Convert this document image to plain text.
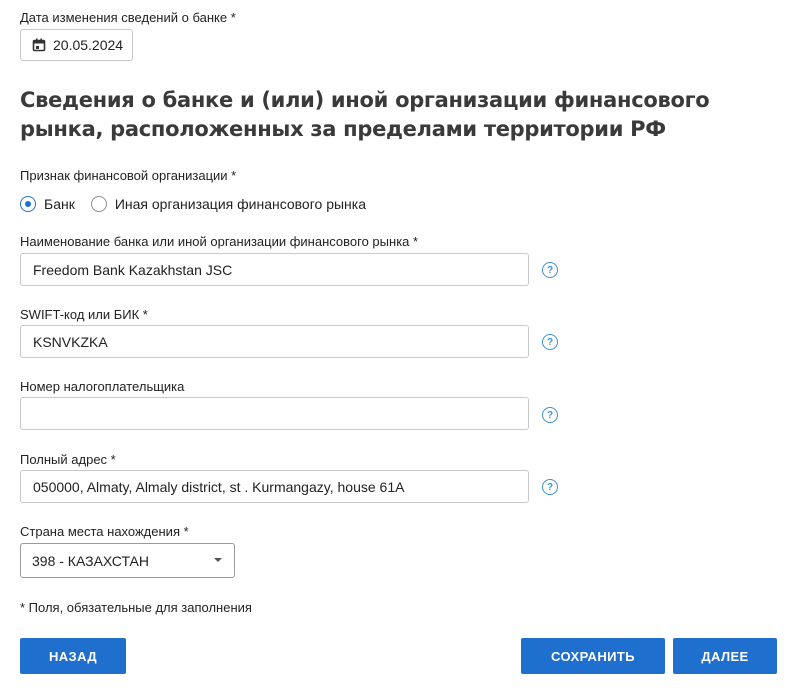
Дата изменения сведений о банке *
20.05.2024
Сведения о банке и (или) иной организации финансового рынка, расположенных за пределами территории РФ
Признак финансовой организации *
Банк	Иная организация финансового рынка
Наименование банка или иной организации финансового рынка *
Freedom Bank Kazakhstan JSC
?
SWIFT-код или БИК *
KSNVKZKA
?
Номер налогоплательщика
?
Полный адрес *
050000, Almaty, Almaly district, st . Kurmangazy, house 61A
?
Страна места нахождения *
398 - КАЗАХСТАН
* Поля, обязательные для заполнения
НАЗАД	СОХРАНИТЬ	ДАЛЕЕ
